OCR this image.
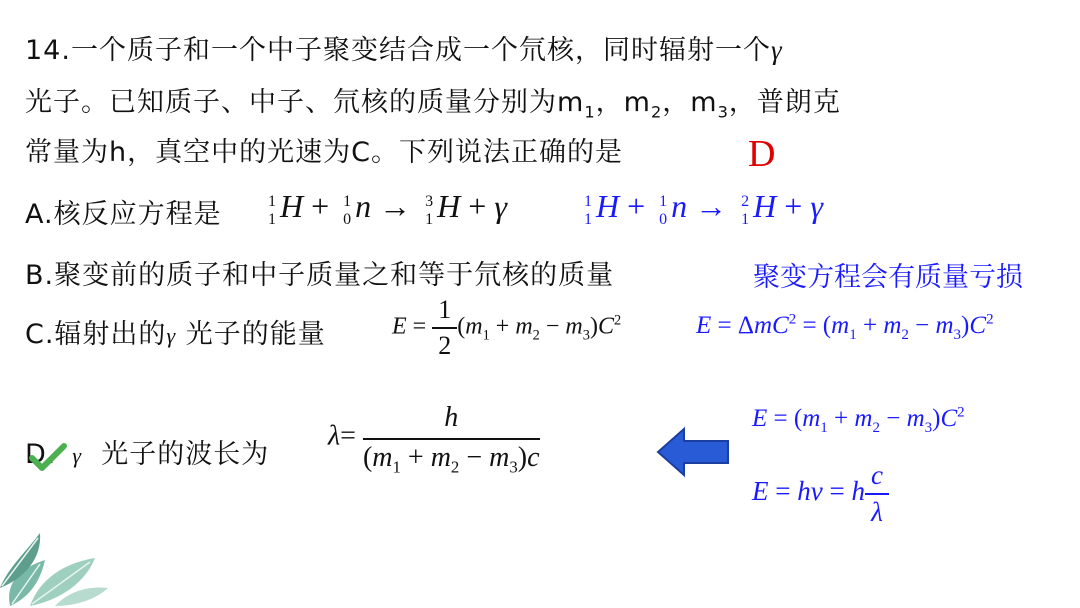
14.一个质子和一个中子聚变结合成一个氘核，同时辐射一个γ
光子。已知质子、中子、氘核的质量分别为$m_1$，$m_2$，$m_3$，普朗克
常量为h，真空中的光速为C。下列说法正确的是	D
A.核反应方程是	1
1 H + 1
0 n → 3
1 H + γ	1
1 H + 1
0 n → 2
1 H + γ
B.聚变前的质子和中子质量之和等于氘核的质量	聚变方程会有质量亏损
C.辐射出的γ 光子的能量	$E = \frac{1}{2} (m_1 + m_2 - m_3)C^2$	$E = \Delta mC^2 = (m_1 + m_2 - m_3)C^2$
D. γ 光子的波长为
$\lambda= \frac{h}{(m_1 + m_2 - m_3)c}$	$E = (m_1 + m_2 - m_3)C^2$
E = hν = h $\frac{c}{\lambda}$
